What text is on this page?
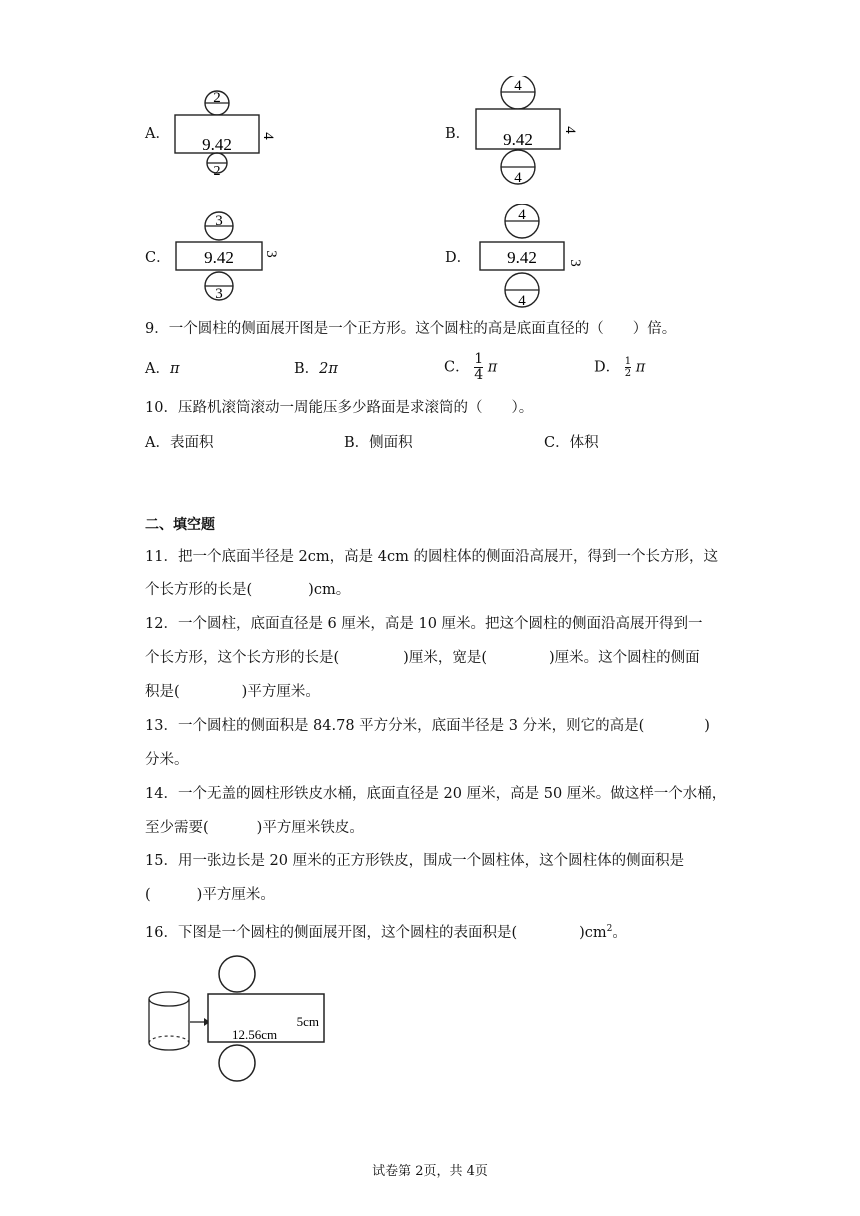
A．
2
9.42 4
2
B．
4
9.42 4
4
C．
3
9.42 3
3
D．
4
9.42 3
4
9．一个圆柱的侧面展开图是一个正方形。这个圆柱的高是底面直径的（　　）倍。
A．π	B．2π	C． $\frac{1}{4}$ π	D． $\frac{1}{2}$ π
10．压路机滚筒滚动一周能压多少路面是求滚筒的（　　）。
A．表面积	B．侧面积	C．体积
二、填空题
11．把一个底面半径是 2cm，高是 4cm 的圆柱体的侧面沿高展开，得到一个长方形，这
个长方形的长是(	)cm。
12．一个圆柱，底面直径是 6 厘米，高是 10 厘米。把这个圆柱的侧面沿高展开得到一
个长方形，这个长方形的长是(	)厘米，宽是(	)厘米。这个圆柱的侧面
积是(	)平方厘米。
13．一个圆柱的侧面积是 84.78 平方分米，底面半径是 3 分米，则它的高是(	)
分米。
14．一个无盖的圆柱形铁皮水桶，底面直径是 20 厘米，高是 50 厘米。做这样一个水桶，
至少需要(	)平方厘米铁皮。
15．用一张边长是 20 厘米的正方形铁皮，围成一个圆柱体，这个圆柱体的侧面积是
(	)平方厘米。
16．下图是一个圆柱的侧面展开图，这个圆柱的表面积是(	)$cm^2$。
5cm
12.56cm
试卷第 2页，共 4页
